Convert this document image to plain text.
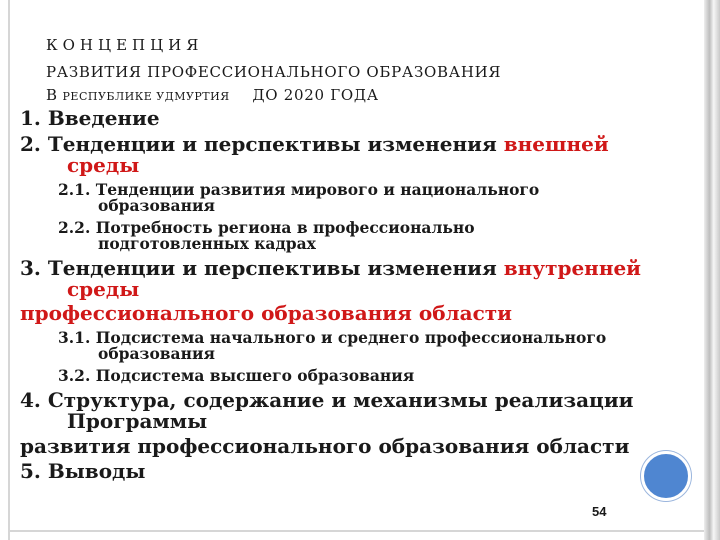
КОНЦЕПЦИЯ
РАЗВИТИЯ ПРОФЕССИОНАЛЬНОГО ОБРАЗОВАНИЯ
В РЕСПУБЛИКЕ УДМУРТИЯ ДО 2020 ГОДА
1. Введение
2. Тенденции и перспективы изменения внешней
среды
2.1. Тенденции развития мирового и национального
образования
2.2. Потребность региона в профессионально
подготовленных кадрах
3. Тенденции и перспективы изменения внутренней
среды
профессионального образования области
3.1. Подсистема начального и среднего профессионального
образования
3.2. Подсистема высшего образования
4. Структура, содержание и механизмы реализации
Программы
развития профессионального образования области
5. Выводы
54
